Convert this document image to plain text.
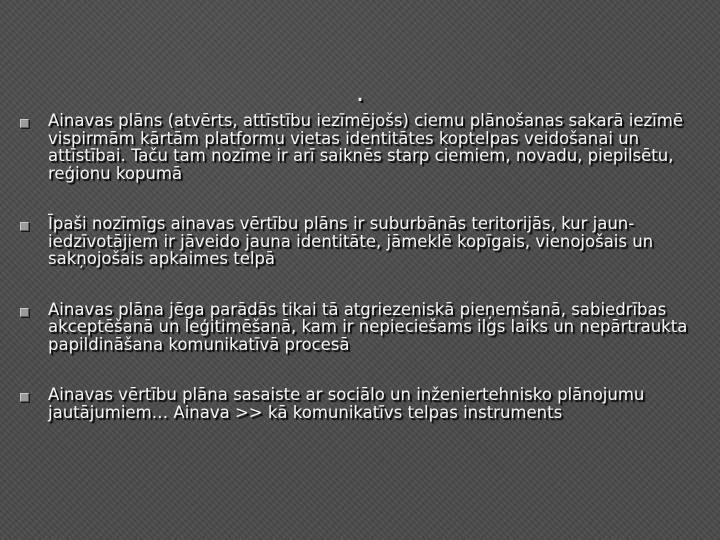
.
Ainavas plāns (atvērts, attīstību iezīmējošs) ciemu plānošanas sakarā iezīmē vispirmām kārtām platformu vietas identitātes koptelpas veidošanai un attīstībai. Taču tam nozīme ir arī saiknēs starp ciemiem, novadu, piepilsētu, reģionu kopumā
Īpaši nozīmīgs ainavas vērtību plāns ir suburbānās teritorijās, kur jaun-iedzīvotājiem ir jāveido jauna identitāte, jāmeklē kopīgais, vienojošais un sakņojošais apkaimes telpā
Ainavas plāna jēga parādās tikai tā atgriezeniskā pieņemšanā, sabiedrības akceptēšanā un leģitimēšanā, kam ir nepieciešams ilgs laiks un nepārtraukta papildināšana komunikatīvā procesā
Ainavas vērtību plāna sasaiste ar sociālo un inženiertehnisko plānojumu jautājumiem… Ainava >> kā komunikatīvs telpas instruments
